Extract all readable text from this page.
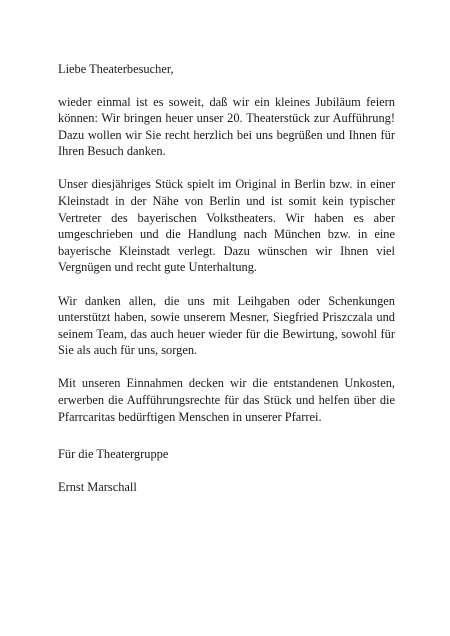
Liebe Theaterbesucher,

wieder einmal ist es soweit, daß wir ein kleines Jubiläum feiern können: Wir bringen heuer unser 20. Theaterstück zur Aufführung! Dazu wollen wir Sie recht herzlich bei uns begrüßen und Ihnen für Ihren Besuch danken.

Unser diesjähriges Stück spielt im Original in Berlin bzw. in einer Kleinstadt in der Nähe von Berlin und ist somit kein typischer Vertreter des bayerischen Volkstheaters. Wir haben es aber umgeschrieben und die Handlung nach München bzw. in eine bayerische Kleinstadt verlegt. Dazu wünschen wir Ihnen viel Vergnügen und recht gute Unterhaltung.

Wir danken allen, die uns mit Leihgaben oder Schenkungen unterstützt haben, sowie unserem Mesner, Siegfried Priszczala und seinem Team, das auch heuer wieder für die Bewirtung, sowohl für Sie als auch für uns, sorgen.

Mit unseren Einnahmen decken wir die entstandenen Unkosten, erwerben die Aufführungsrechte für das Stück und helfen über die Pfarrcaritas bedürftigen Menschen in unserer Pfarrei.

Für die Theatergruppe

Ernst Marschall
